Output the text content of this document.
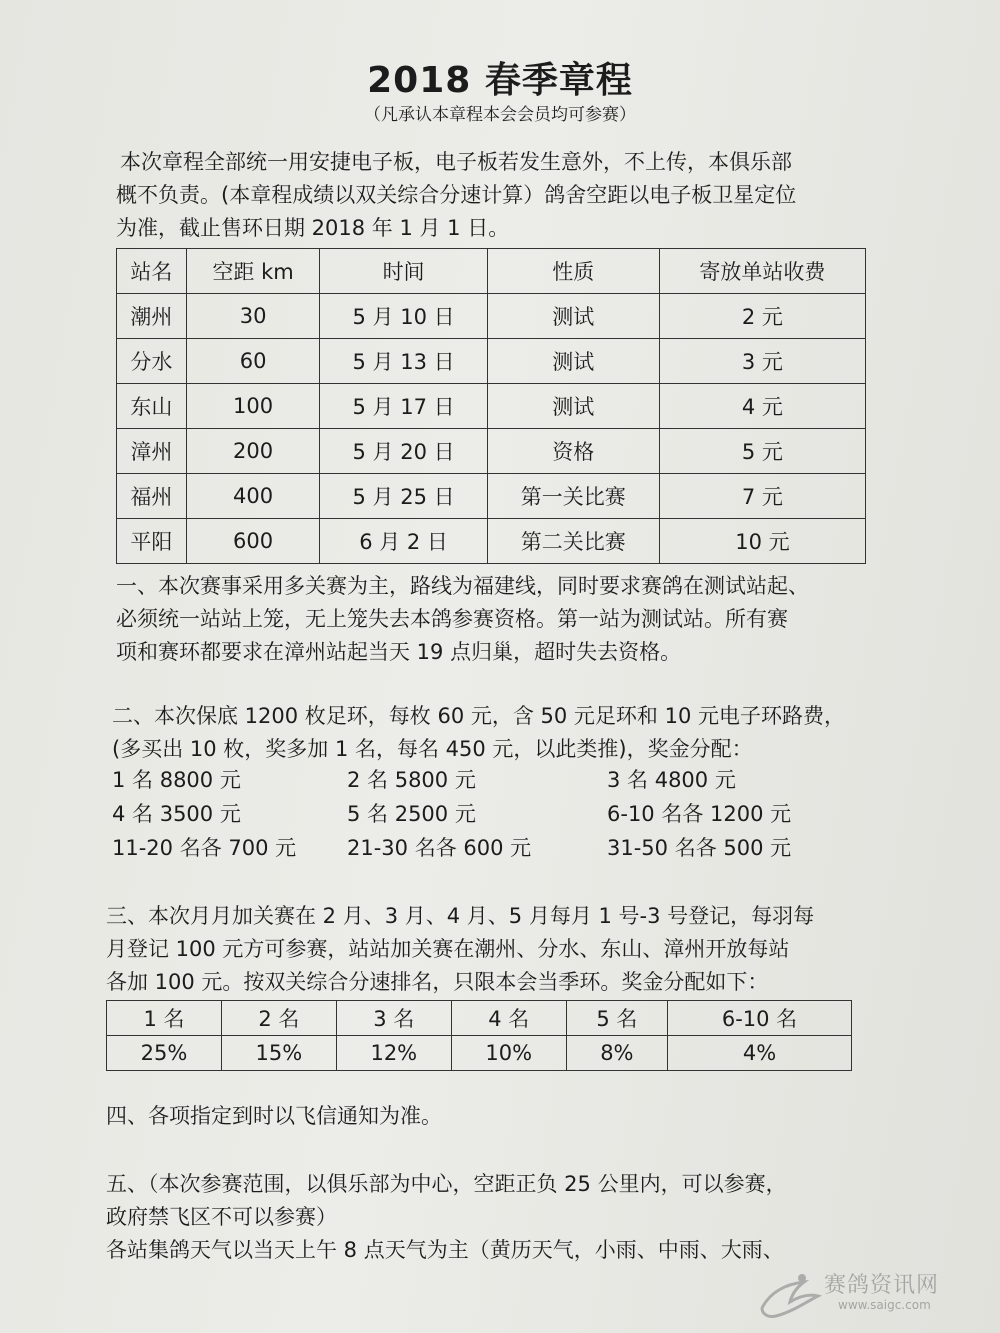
2018 春季章程
（凡承认本章程本会会员均可参赛）
本次章程全部统一用安捷电子板，电子板若发生意外，不上传，本俱乐部
概不负责。(本章程成绩以双关综合分速计算）鸽舍空距以电子板卫星定位
为准，截止售环日期 2018 年 1 月 1 日。
站名	空距 km	时间	性质	寄放单站收费
潮州	30	5 月 10 日	测试	2 元
分水	60	5 月 13 日	测试	3 元
东山	100	5 月 17 日	测试	4 元
漳州	200	5 月 20 日	资格	5 元
福州	400	5 月 25 日	第一关比赛	7 元
平阳	600	6 月 2 日	第二关比赛	10 元
一、本次赛事采用多关赛为主，路线为福建线，同时要求赛鸽在测试站起、
必须统一站站上笼，无上笼失去本鸽参赛资格。第一站为测试站。所有赛
项和赛环都要求在漳州站起当天 19 点归巢，超时失去资格。
二、本次保底 1200 枚足环，每枚 60 元，含 50 元足环和 10 元电子环路费，
(多买出 10 枚，奖多加 1 名，每名 450 元，以此类推)，奖金分配：
1 名 8800 元	2 名 5800 元	3 名 4800 元
4 名 3500 元	5 名 2500 元	6-10 名各 1200 元
11-20 名各 700 元	21-30 名各 600 元	31-50 名各 500 元
三、本次月月加关赛在 2 月、3 月、4 月、5 月每月 1 号-3 号登记，每羽每
月登记 100 元方可参赛，站站加关赛在潮州、分水、东山、漳州开放每站
各加 100 元。按双关综合分速排名，只限本会当季环。奖金分配如下：
1 名	2 名	3 名	4 名	5 名	6-10 名
25%	15%	12%	10%	8%	4%
四、各项指定到时以飞信通知为准。
五、（本次参赛范围，以俱乐部为中心，空距正负 25 公里内，可以参赛，
政府禁飞区不可以参赛）
各站集鸽天气以当天上午 8 点天气为主（黄历天气，小雨、中雨、大雨、
赛鸽资讯网
www.saigc.com
